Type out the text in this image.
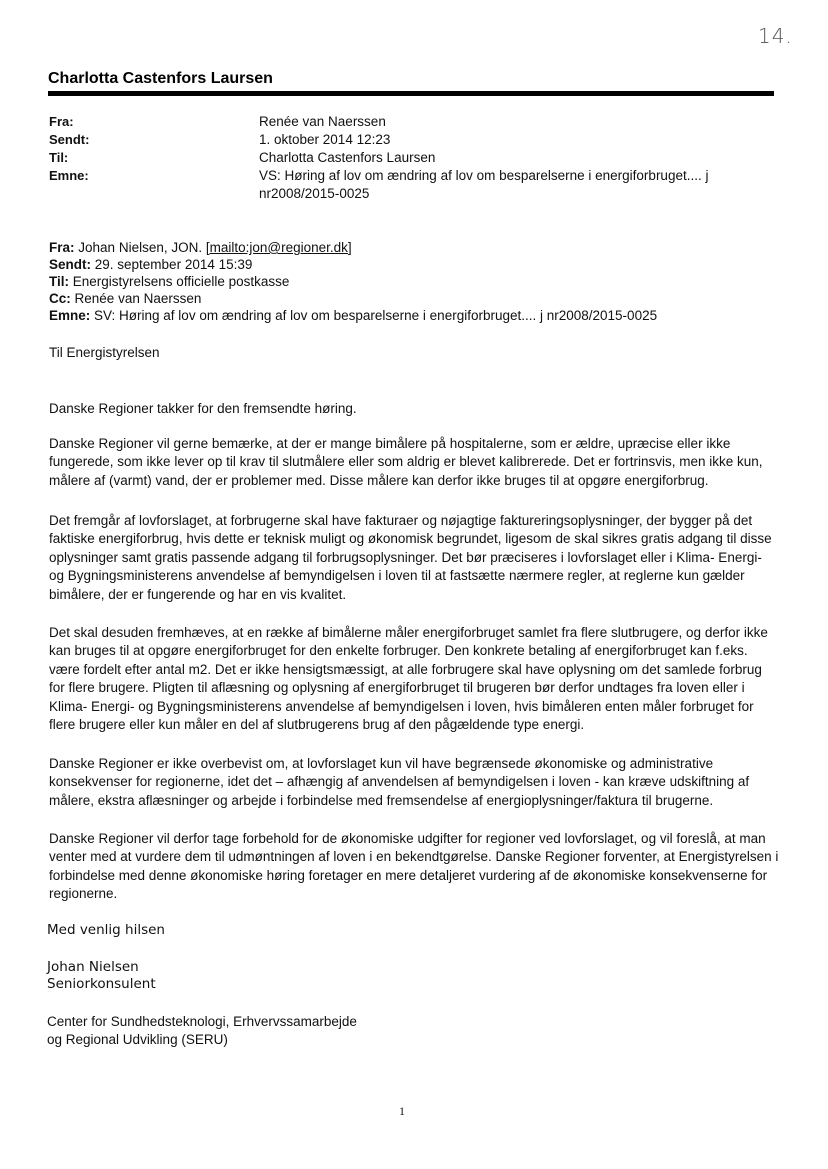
14.
Charlotta Castenfors Laursen
Fra:	Renée van Naerssen
Sendt:	1. oktober 2014 12:23
Til:	Charlotta Castenfors Laursen
Emne:	VS: Høring af lov om ændring af lov om besparelserne i energiforbruget.... j nr2008/2015-0025
Fra: Johan Nielsen, JON. [mailto:jon@regioner.dk]
Sendt: 29. september 2014 15:39
Til: Energistyrelsens officielle postkasse
Cc: Renée van Naerssen
Emne: SV: Høring af lov om ændring af lov om besparelserne i energiforbruget.... j nr2008/2015-0025
Til Energistyrelsen
Danske Regioner takker for den fremsendte høring.
Danske Regioner vil gerne bemærke, at der er mange bimålere på hospitalerne, som er ældre, upræcise eller ikke fungerede, som ikke lever op til krav til slutmålere eller som aldrig er blevet kalibrerede. Det er fortrinsvis, men ikke kun, målere af (varmt) vand, der er problemer med. Disse målere kan derfor ikke bruges til at opgøre energiforbrug.
Det fremgår af lovforslaget, at forbrugerne skal have fakturaer og nøjagtige faktureringsoplysninger, der bygger på det faktiske energiforbrug, hvis dette er teknisk muligt og økonomisk begrundet, ligesom de skal sikres gratis adgang til disse oplysninger samt gratis passende adgang til forbrugsoplysninger. Det bør præciseres i lovforslaget eller i Klima- Energi- og Bygningsministerens anvendelse af bemyndigelsen i loven til at fastsætte nærmere regler, at reglerne kun gælder bimålere, der er fungerende og har en vis kvalitet.
Det skal desuden fremhæves, at en række af bimålerne måler energiforbruget samlet fra flere slutbrugere, og derfor ikke kan bruges til at opgøre energiforbruget for den enkelte forbruger. Den konkrete betaling af energiforbruget kan f.eks. være fordelt efter antal m2. Det er ikke hensigtsmæssigt, at alle forbrugere skal have oplysning om det samlede forbrug for flere brugere. Pligten til aflæsning og oplysning af energiforbruget til brugeren bør derfor undtages fra loven eller i Klima- Energi- og Bygningsministerens anvendelse af bemyndigelsen i loven, hvis bimåleren enten måler forbruget for flere brugere eller kun måler en del af slutbrugerens brug af den pågældende type energi.
Danske Regioner er ikke overbevist om, at lovforslaget kun vil have begrænsede økonomiske og administrative konsekvenser for regionerne, idet det – afhængig af anvendelsen af bemyndigelsen i loven - kan kræve udskiftning af målere, ekstra aflæsninger og arbejde i forbindelse med fremsendelse af energioplysninger/faktura til brugerne.
Danske Regioner vil derfor tage forbehold for de økonomiske udgifter for regioner ved lovforslaget, og vil foreslå, at man venter med at vurdere dem til udmøntningen af loven i en bekendtgørelse. Danske Regioner forventer, at Energistyrelsen i forbindelse med denne økonomiske høring foretager en mere detaljeret vurdering af de økonomiske konsekvenserne for regionerne.
Med venlig hilsen
Johan Nielsen
Seniorkonsulent
Center for Sundhedsteknologi, Erhvervssamarbejde
og Regional Udvikling (SERU)
1
